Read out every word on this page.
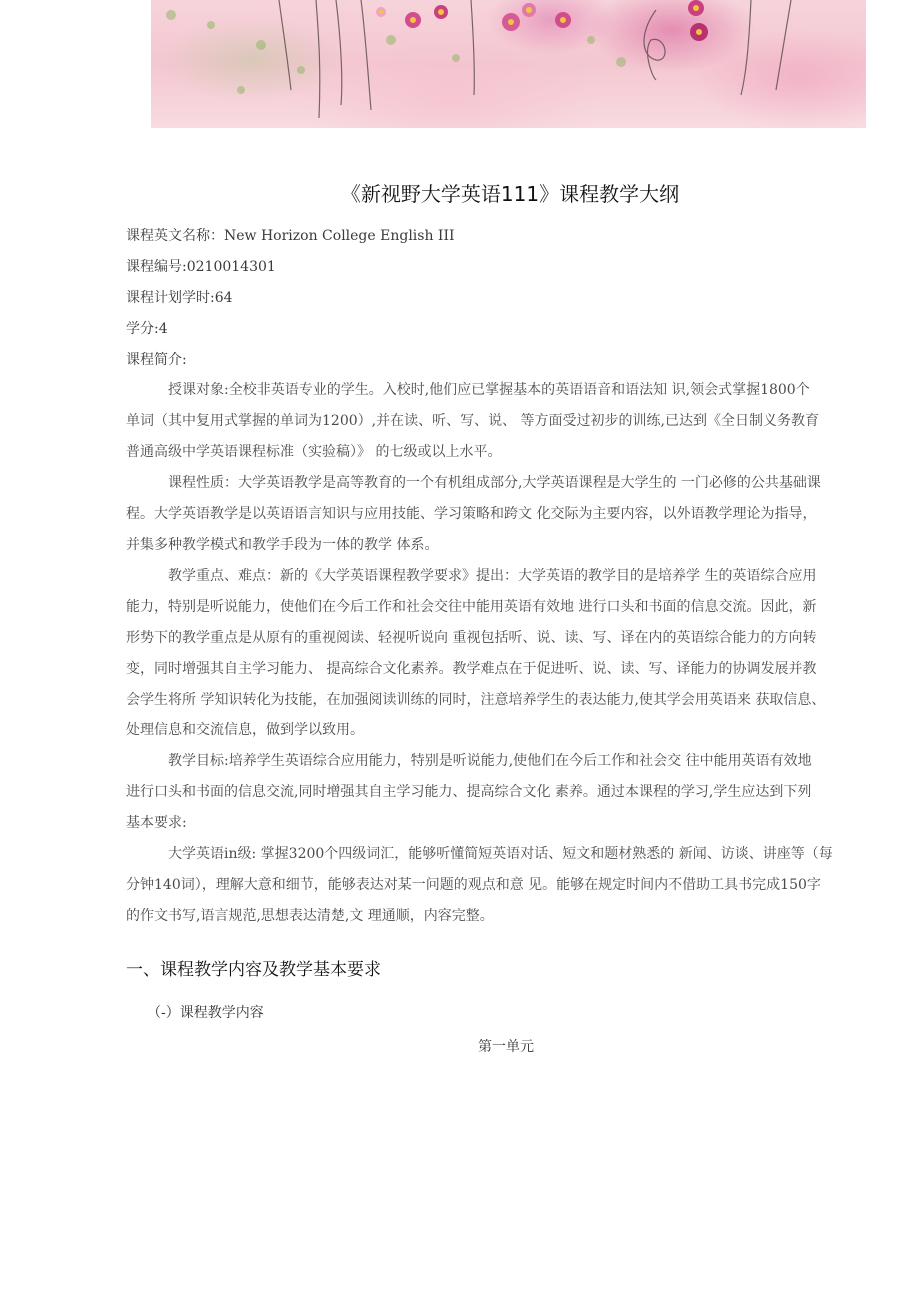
《新视野大学英语111》课程教学大纲
课程英文名称：New Horizon College English III
课程编号:0210014301
课程计划学时:64
学分:4
课程简介:
授课对象:全校非英语专业的学生。入校时,他们应已掌握基本的英语语音和语法知 识,领会式掌握1800个
单词（其中复用式掌握的单词为1200）,并在读、听、写、说、 等方面受过初步的训练,已达到《全日制义务教育
普通高级中学英语课程标准（实验稿）》 的七级或以上水平。
课程性质：大学英语教学是高等教育的一个有机组成部分,大学英语课程是大学生的 一门必修的公共基础课
程。大学英语教学是以英语语言知识与应用技能、学习策略和跨文 化交际为主要内容，以外语教学理论为指导，
并集多种教学模式和教学手段为一体的教学 体系。
教学重点、难点：新的《大学英语课程教学要求》提出：大学英语的教学目的是培养学 生的英语综合应用
能力，特别是听说能力，使他们在今后工作和社会交往中能用英语有效地 进行口头和书面的信息交流。因此，新
形势下的教学重点是从原有的重视阅读、轻视听说向 重视包括听、说、读、写、译在内的英语综合能力的方向转
变，同时增强其自主学习能力、 提高综合文化素养。教学难点在于促进听、说、读、写、译能力的协调发展并教
会学生将所 学知识转化为技能，在加强阅读训练的同时，注意培养学生的表达能力,使其学会用英语来 获取信息、
处理信息和交流信息，做到学以致用。
教学目标:培养学生英语综合应用能力，特别是听说能力,使他们在今后工作和社会交 往中能用英语有效地
进行口头和书面的信息交流,同时增强其自主学习能力、提高综合文化 素养。通过本课程的学习,学生应达到下列
基本要求:
大学英语in级: 掌握3200个四级词汇，能够听懂简短英语对话、短文和题材熟悉的 新闻、访谈、讲座等（每
分钟140词），理解大意和细节，能够表达对某一问题的观点和意 见。能够在规定时间内不借助工具书完成150字
的作文书写,语言规范,思想表达清楚,文 理通顺，内容完整。
一、课程教学内容及教学基本要求
（-）课程教学内容
第一单元
